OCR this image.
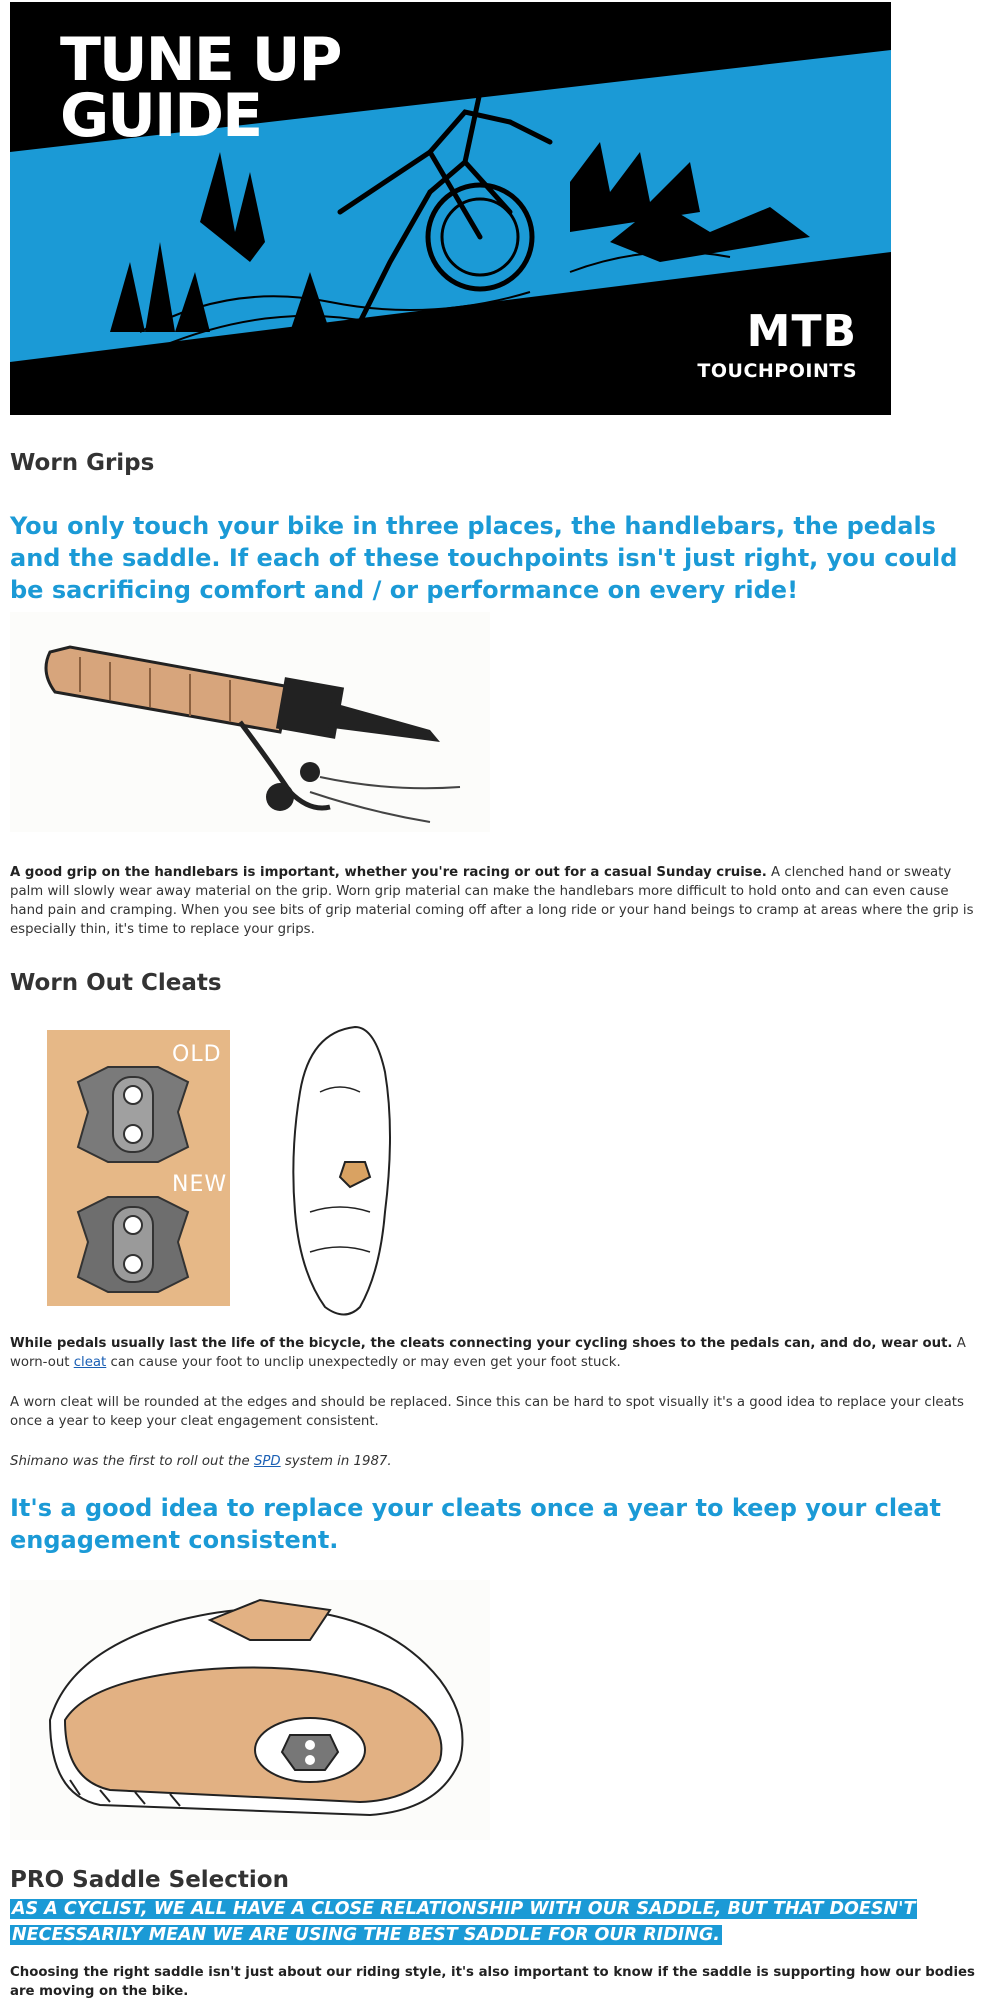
TUNE UP
GUIDE
MTB
TOUCHPOINTS
Worn Grips

You only touch your bike in three places, the handlebars, the pedals and the saddle. If each of these touchpoints isn't just right, you could be sacrificing comfort and / or performance on every ride!

A good grip on the handlebars is important, whether you're racing or out for a casual Sunday cruise. A clenched hand or sweaty palm will slowly wear away material on the grip. Worn grip material can make the handlebars more difficult to hold onto and can even cause hand pain and cramping. When you see bits of grip material coming off after a long ride or your hand beings to cramp at areas where the grip is especially thin, it's time to replace your grips.

Worn Out Cleats
OLD
NEW

While pedals usually last the life of the bicycle, the cleats connecting your cycling shoes to the pedals can, and do, wear out. A worn-out cleat can cause your foot to unclip unexpectedly or may even get your foot stuck.

A worn cleat will be rounded at the edges and should be replaced. Since this can be hard to spot visually it's a good idea to replace your cleats once a year to keep your cleat engagement consistent.

Shimano was the first to roll out the SPD system in 1987.

It's a good idea to replace your cleats once a year to keep your cleat engagement consistent.

PRO Saddle Selection
AS A CYCLIST, WE ALL HAVE A CLOSE RELATIONSHIP WITH OUR SADDLE, BUT THAT DOESN'T NECESSARILY MEAN WE ARE USING THE BEST SADDLE FOR OUR RIDING.

Choosing the right saddle isn't just about our riding style, it's also important to know if the saddle is supporting how our bodies are moving on the bike.
